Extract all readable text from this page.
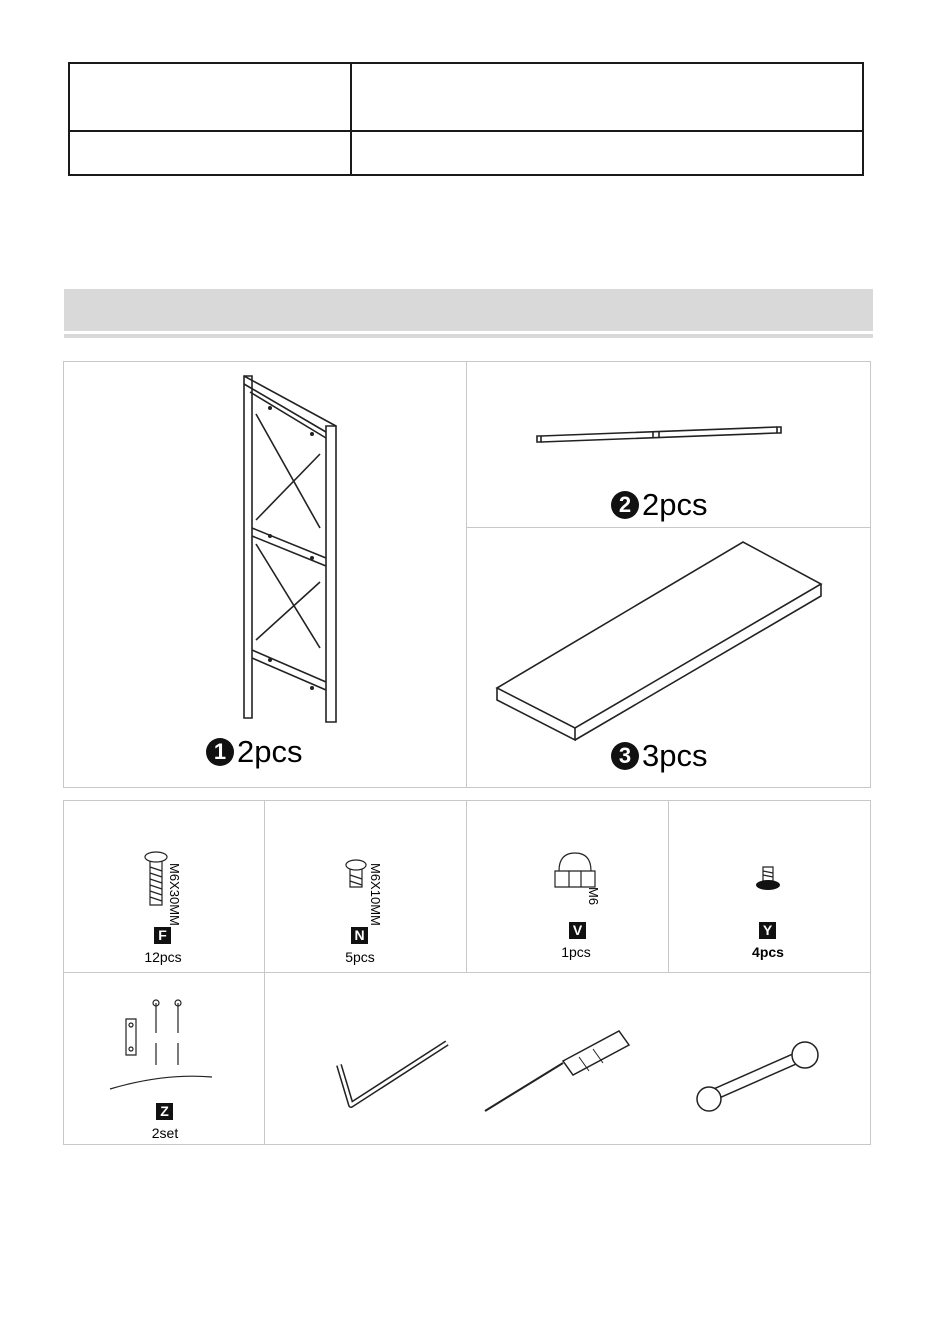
1 2pcs
2 2pcs
3 3pcs
M6X30MM
F
12pcs
M6X10MM
N
5pcs
M6
V
1pcs
Y
4pcs
Z
2set
